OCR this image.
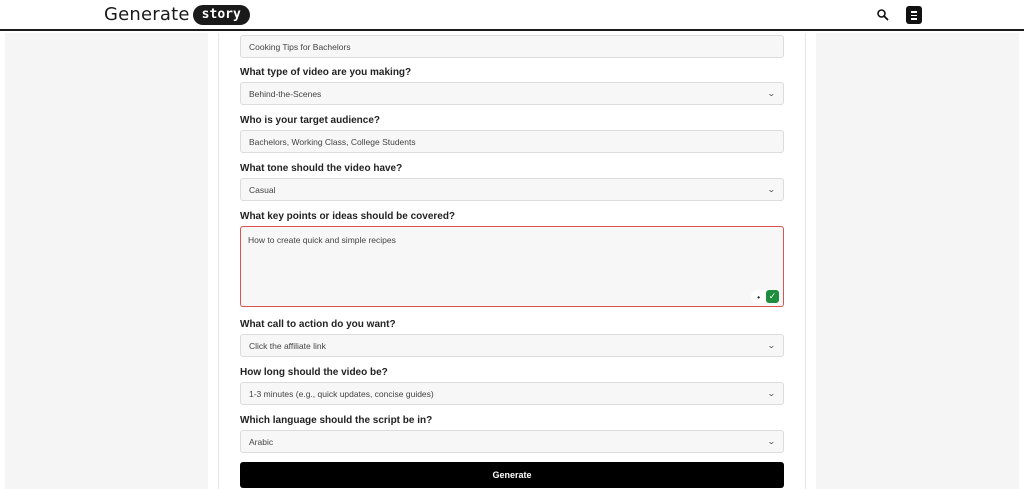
Generate story
Cooking Tips for Bachelors
What type of video are you making?
Behind-the-Scenes	⌄
Who is your target audience?
Bachelors, Working Class, College Students
What tone should the video have?
Casual	⌄
What key points or ideas should be covered?
How to create quick and simple recipes
▪ ✓
What call to action do you want?
Click the affiliate link	⌄
How long should the video be?
1-3 minutes (e.g., quick updates, concise guides)	⌄
Which language should the script be in?
Arabic	⌄
Generate
